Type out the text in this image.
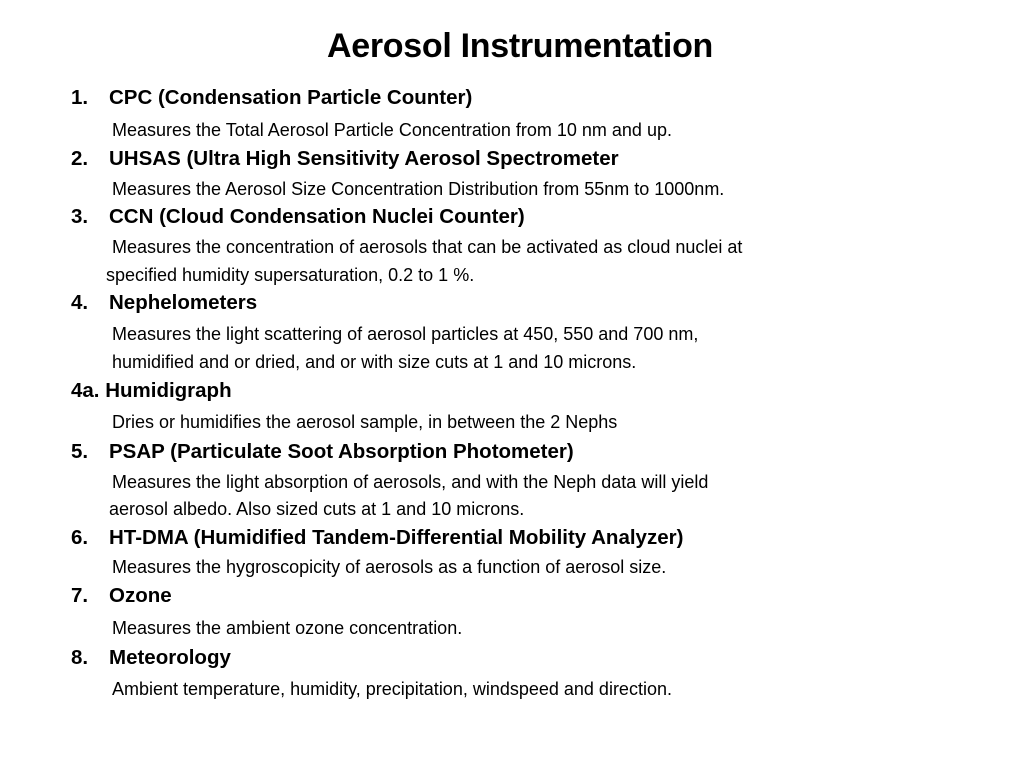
Aerosol Instrumentation
1. CPC (Condensation Particle Counter)
Measures the Total Aerosol Particle Concentration from 10 nm and up.
2. UHSAS (Ultra High Sensitivity Aerosol Spectrometer
Measures the Aerosol Size Concentration Distribution from 55nm to 1000nm.
3. CCN (Cloud Condensation Nuclei Counter)
Measures the concentration of aerosols that can be activated as cloud nuclei at
specified humidity supersaturation, 0.2 to 1 %.
4. Nephelometers
Measures the light scattering of aerosol particles at 450, 550 and 700 nm,
humidified and or dried, and or with size cuts at 1 and 10 microns.
4a. Humidigraph
Dries or humidifies the aerosol sample, in between the 2 Nephs
5. PSAP (Particulate Soot Absorption Photometer)
Measures the light absorption of aerosols, and with the Neph data will yield
aerosol albedo. Also sized cuts at 1 and 10 microns.
6. HT-DMA (Humidified Tandem-Differential Mobility Analyzer)
Measures the hygroscopicity of aerosols as a function of aerosol size.
7. Ozone
Measures the ambient ozone concentration.
8. Meteorology
Ambient temperature, humidity, precipitation, windspeed and direction.
